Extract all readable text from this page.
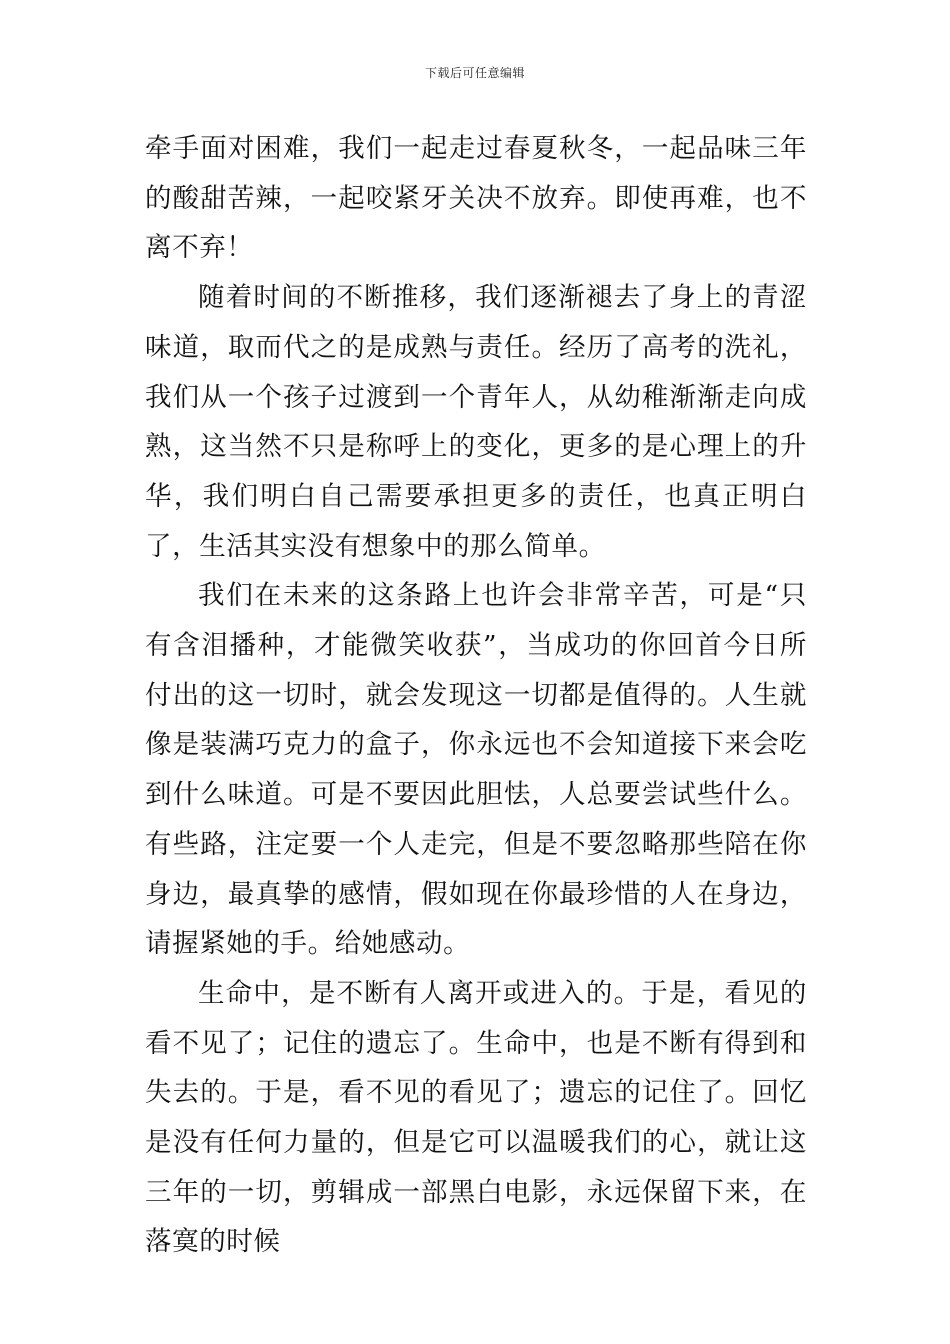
下载后可任意编辑

牵手面对困难，我们一起走过春夏秋冬，一起品味三年的酸甜苦辣，一起咬紧牙关决不放弃。即使再难，也不离不弃！

随着时间的不断推移，我们逐渐褪去了身上的青涩味道，取而代之的是成熟与责任。经历了高考的洗礼，我们从一个孩子过渡到一个青年人，从幼稚渐渐走向成熟，这当然不只是称呼上的变化，更多的是心理上的升华，我们明白自己需要承担更多的责任，也真正明白了，生活其实没有想象中的那么简单。

我们在未来的这条路上也许会非常辛苦，可是“只有含泪播种，才能微笑收获”，当成功的你回首今日所付出的这一切时，就会发现这一切都是值得的。人生就像是装满巧克力的盒子，你永远也不会知道接下来会吃到什么味道。可是不要因此胆怯，人总要尝试些什么。有些路，注定要一个人走完，但是不要忽略那些陪在你身边，最真挚的感情，假如现在你最珍惜的人在身边，请握紧她的手。给她感动。

生命中，是不断有人离开或进入的。于是，看见的看不见了；记住的遗忘了。生命中，也是不断有得到和失去的。于是，看不见的看见了；遗忘的记住了。回忆是没有任何力量的，但是它可以温暖我们的心，就让这三年的一切，剪辑成一部黑白电影，永远保留下来，在落寞的时候
